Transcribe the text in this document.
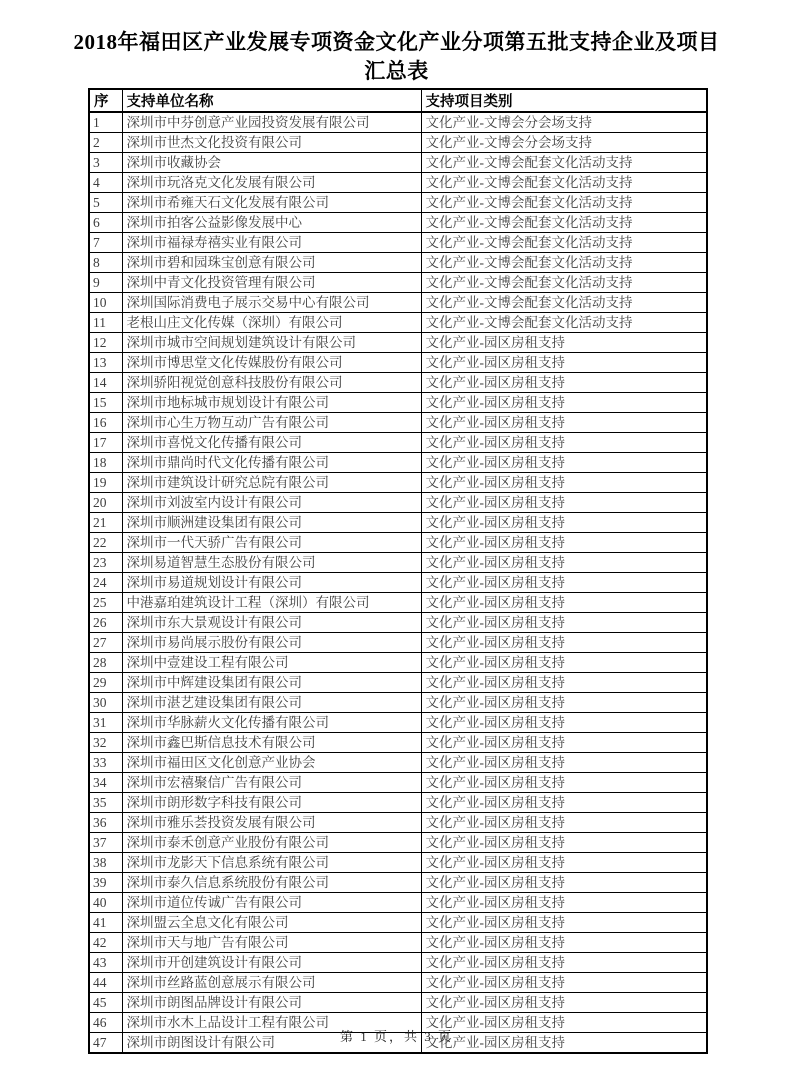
2018年福田区产业发展专项资金文化产业分项第五批支持企业及项目汇总表
序	支持单位名称	支持项目类别
1	深圳市中芬创意产业园投资发展有限公司	文化产业-文博会分会场支持
2	深圳市世杰文化投资有限公司	文化产业-文博会分会场支持
3	深圳市收藏协会	文化产业-文博会配套文化活动支持
4	深圳市玩洛克文化发展有限公司	文化产业-文博会配套文化活动支持
5	深圳市希雍天石文化发展有限公司	文化产业-文博会配套文化活动支持
6	深圳市拍客公益影像发展中心	文化产业-文博会配套文化活动支持
7	深圳市福禄寿禧实业有限公司	文化产业-文博会配套文化活动支持
8	深圳市碧和园珠宝创意有限公司	文化产业-文博会配套文化活动支持
9	深圳中青文化投资管理有限公司	文化产业-文博会配套文化活动支持
10	深圳国际消费电子展示交易中心有限公司	文化产业-文博会配套文化活动支持
11	老根山庄文化传媒（深圳）有限公司	文化产业-文博会配套文化活动支持
12	深圳市城市空间规划建筑设计有限公司	文化产业-园区房租支持
13	深圳市博思堂文化传媒股份有限公司	文化产业-园区房租支持
14	深圳骄阳视觉创意科技股份有限公司	文化产业-园区房租支持
15	深圳市地标城市规划设计有限公司	文化产业-园区房租支持
16	深圳市心生万物互动广告有限公司	文化产业-园区房租支持
17	深圳市喜悦文化传播有限公司	文化产业-园区房租支持
18	深圳市鼎尚时代文化传播有限公司	文化产业-园区房租支持
19	深圳市建筑设计研究总院有限公司	文化产业-园区房租支持
20	深圳市刘波室内设计有限公司	文化产业-园区房租支持
21	深圳市顺洲建设集团有限公司	文化产业-园区房租支持
22	深圳市一代天骄广告有限公司	文化产业-园区房租支持
23	深圳易道智慧生态股份有限公司	文化产业-园区房租支持
24	深圳市易道规划设计有限公司	文化产业-园区房租支持
25	中港嘉珀建筑设计工程（深圳）有限公司	文化产业-园区房租支持
26	深圳市东大景观设计有限公司	文化产业-园区房租支持
27	深圳市易尚展示股份有限公司	文化产业-园区房租支持
28	深圳中壹建设工程有限公司	文化产业-园区房租支持
29	深圳市中辉建设集团有限公司	文化产业-园区房租支持
30	深圳市湛艺建设集团有限公司	文化产业-园区房租支持
31	深圳市华脉薪火文化传播有限公司	文化产业-园区房租支持
32	深圳市鑫巴斯信息技术有限公司	文化产业-园区房租支持
33	深圳市福田区文化创意产业协会	文化产业-园区房租支持
34	深圳市宏禧聚信广告有限公司	文化产业-园区房租支持
35	深圳市朗形数字科技有限公司	文化产业-园区房租支持
36	深圳市雅乐荟投资发展有限公司	文化产业-园区房租支持
37	深圳市泰禾创意产业股份有限公司	文化产业-园区房租支持
38	深圳市龙影天下信息系统有限公司	文化产业-园区房租支持
39	深圳市泰久信息系统股份有限公司	文化产业-园区房租支持
40	深圳市道位传诚广告有限公司	文化产业-园区房租支持
41	深圳盟云全息文化有限公司	文化产业-园区房租支持
42	深圳市天与地广告有限公司	文化产业-园区房租支持
43	深圳市开创建筑设计有限公司	文化产业-园区房租支持
44	深圳市丝路蓝创意展示有限公司	文化产业-园区房租支持
45	深圳市朗图品牌设计有限公司	文化产业-园区房租支持
46	深圳市水木上品设计工程有限公司	文化产业-园区房租支持
47	深圳市朗图设计有限公司	文化产业-园区房租支持
第 1 页，共 3 页
